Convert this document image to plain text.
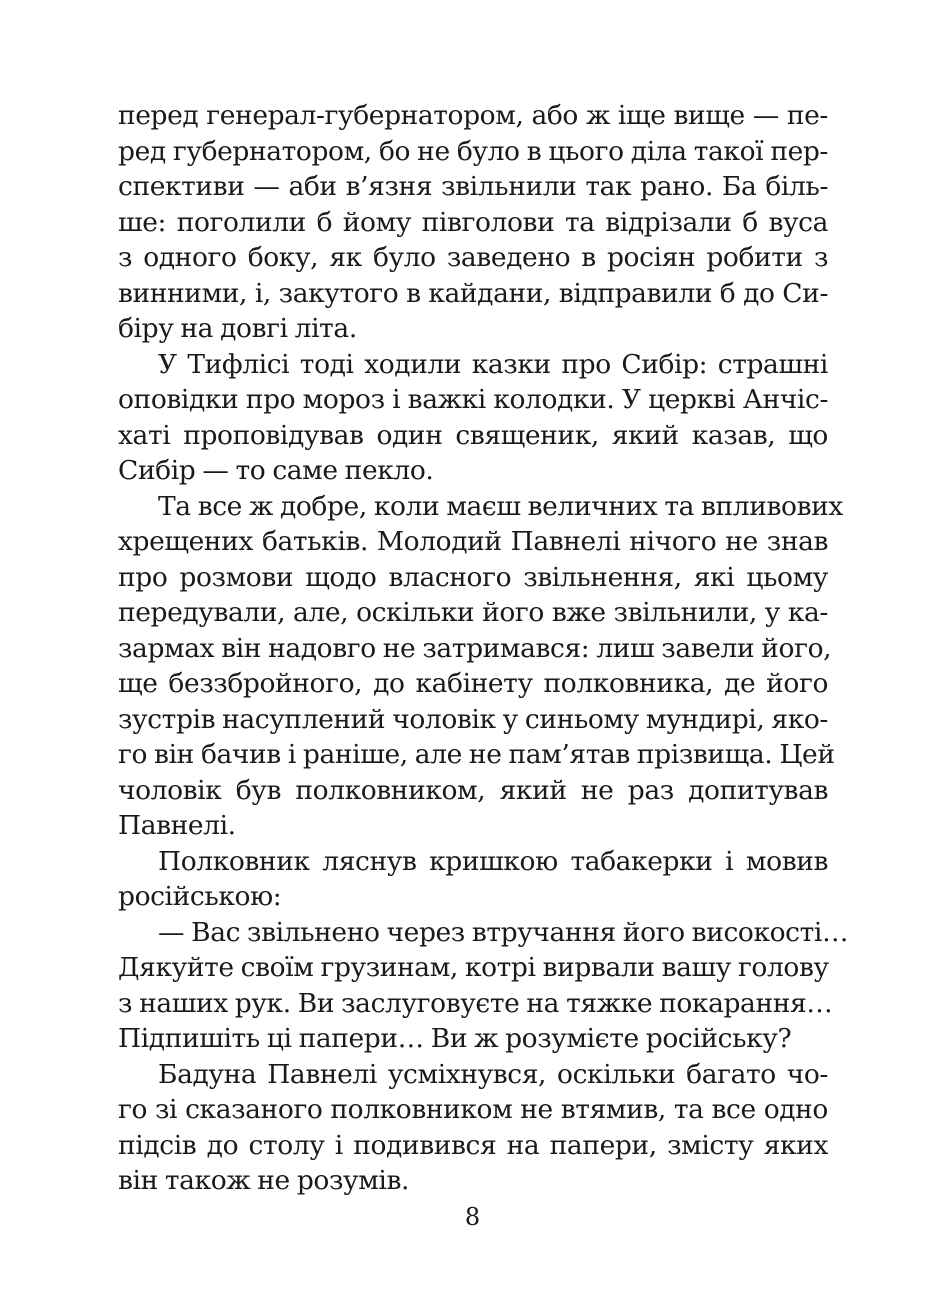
перед генерал-губернатором, або ж іще вище — пе-
ред губернатором, бо не було в цього діла такої пер-
спективи — аби в’язня звільнили так рано. Ба біль-
ше: поголили б йому півголови та відрізали б вуса
з одного боку, як було заведено в росіян робити з
винними, і, закутого в кайдани, відправили б до Си-
біру на довгі літа.
У Тифлісі тоді ходили казки про Сибір: страшні
оповідки про мороз і важкі колодки. У церкві Анчіс-
хаті проповідував один священик, який казав, що
Сибір — то саме пекло.
Та все ж добре, коли маєш величних та впливових
хрещених батьків. Молодий Павнелі нічого не знав
про розмови щодо власного звільнення, які цьому
передували, але, оскільки його вже звільнили, у ка-
зармах він надовго не затримався: лиш завели його,
ще беззбройного, до кабінету полковника, де його
зустрів насуплений чоловік у синьому мундирі, яко-
го він бачив і раніше, але не пам’ятав прізвища. Цей
чоловік був полковником, який не раз допитував
Павнелі.
Полковник ляснув кришкою табакерки і мовив
російською:
— Вас звільнено через втручання його високості…
Дякуйте своїм грузинам, котрі вирвали вашу голову
з наших рук. Ви заслуговуєте на тяжке покарання…
Підпишіть ці папери… Ви ж розумієте російську?
Бадуна Павнелі усміхнувся, оскільки багато чо-
го зі сказаного полковником не втямив, та все одно
підсів до столу і подивився на папери, змісту яких
він також не розумів.
8
